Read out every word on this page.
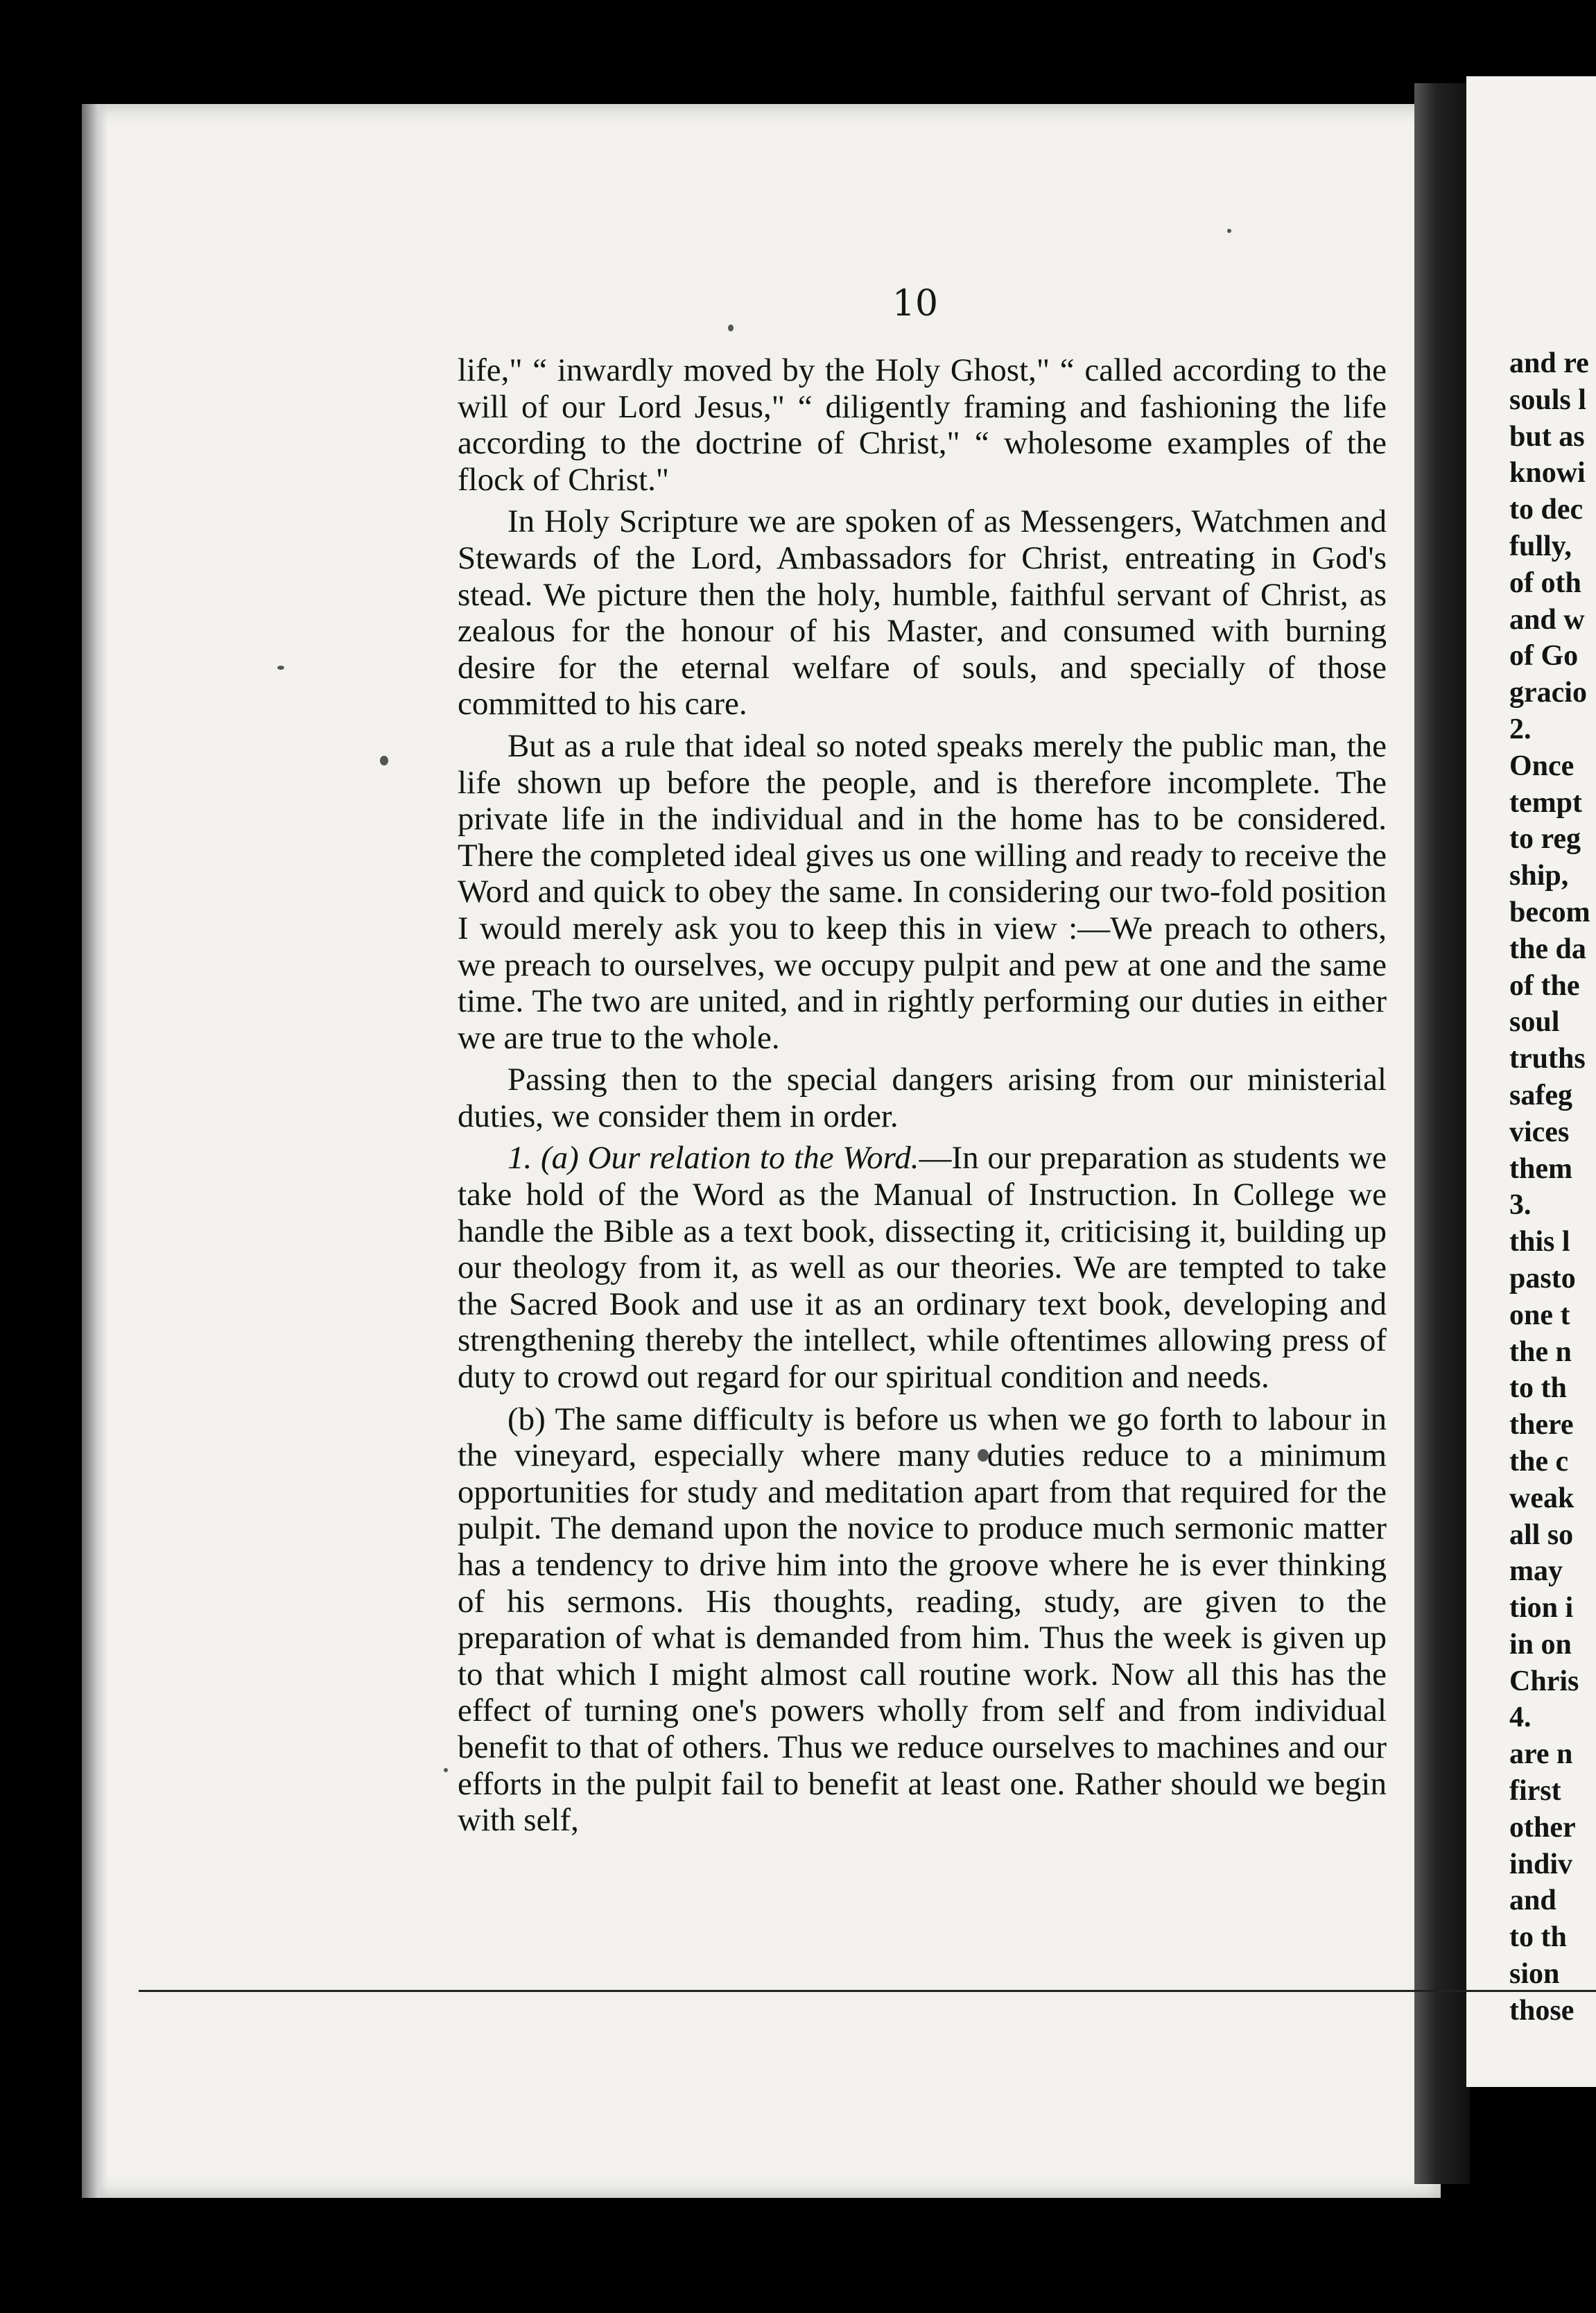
10

life," “ inwardly moved by the Holy Ghost," “ called according to the will of our Lord Jesus," “ diligently framing and fashioning the life according to the doctrine of Christ," “ wholesome examples of the flock of Christ."

In Holy Scripture we are spoken of as Messengers, Watchmen and Stewards of the Lord, Ambassadors for Christ, entreating in God's stead. We picture then the holy, humble, faithful servant of Christ, as zealous for the honour of his Master, and consumed with burning desire for the eternal welfare of souls, and specially of those committed to his care.

But as a rule that ideal so noted speaks merely the public man, the life shown up before the people, and is therefore incomplete. The private life in the individual and in the home has to be considered. There the completed ideal gives us one willing and ready to receive the Word and quick to obey the same. In considering our two-fold position I would merely ask you to keep this in view :—We preach to others, we preach to ourselves, we occupy pulpit and pew at one and the same time. The two are united, and in rightly performing our duties in either we are true to the whole.

Passing then to the special dangers arising from our ministerial duties, we consider them in order.

1. (a) Our relation to the Word.—In our preparation as students we take hold of the Word as the Manual of Instruction. In College we handle the Bible as a text book, dissecting it, criticising it, building up our theology from it, as well as our theories. We are tempted to take the Sacred Book and use it as an ordinary text book, developing and strengthening thereby the intellect, while oftentimes allowing press of duty to crowd out regard for our spiritual condition and needs.

(b) The same difficulty is before us when we go forth to labour in the vineyard, especially where many duties reduce to a minimum opportunities for study and meditation apart from that required for the pulpit. The demand upon the novice to produce much sermonic matter has a tendency to drive him into the groove where he is ever thinking of his sermons. His thoughts, reading, study, are given to the preparation of what is demanded from him. Thus the week is given up to that which I might almost call routine work. Now all this has the effect of turning one's powers wholly from self and from individual benefit to that of others. Thus we reduce ourselves to machines and our efforts in the pulpit fail to benefit at least one. Rather should we begin with self,

and re
souls l
but as
knowi
to dec
fully,
of oth
and w
of Go
gracio
2.
Once
tempt
to reg
ship,
becom
the da
of the
soul
truths
safeg
vices
them
3.
this l
pasto
one t
the n
to th
there
the c
weak
all so
may
tion i
in on
Chris
4.
are n
first
other
indiv
and
to th
sion
those
